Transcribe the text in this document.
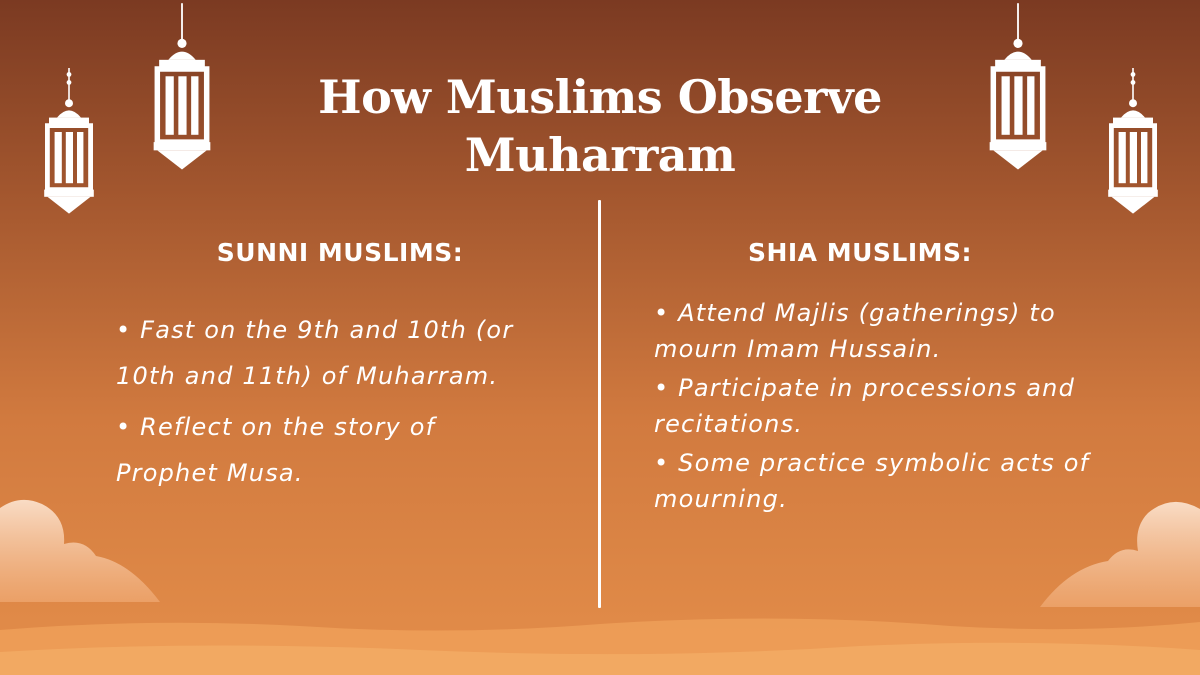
How Muslims Observe Muharram
SUNNI MUSLIMS:
• Fast on the 9th and 10th (or 10th and 11th) of Muharram.
• Reflect on the story of Prophet Musa.
SHIA MUSLIMS:
• Attend Majlis (gatherings) to mourn Imam Hussain.
• Participate in processions and recitations.
• Some practice symbolic acts of mourning.
